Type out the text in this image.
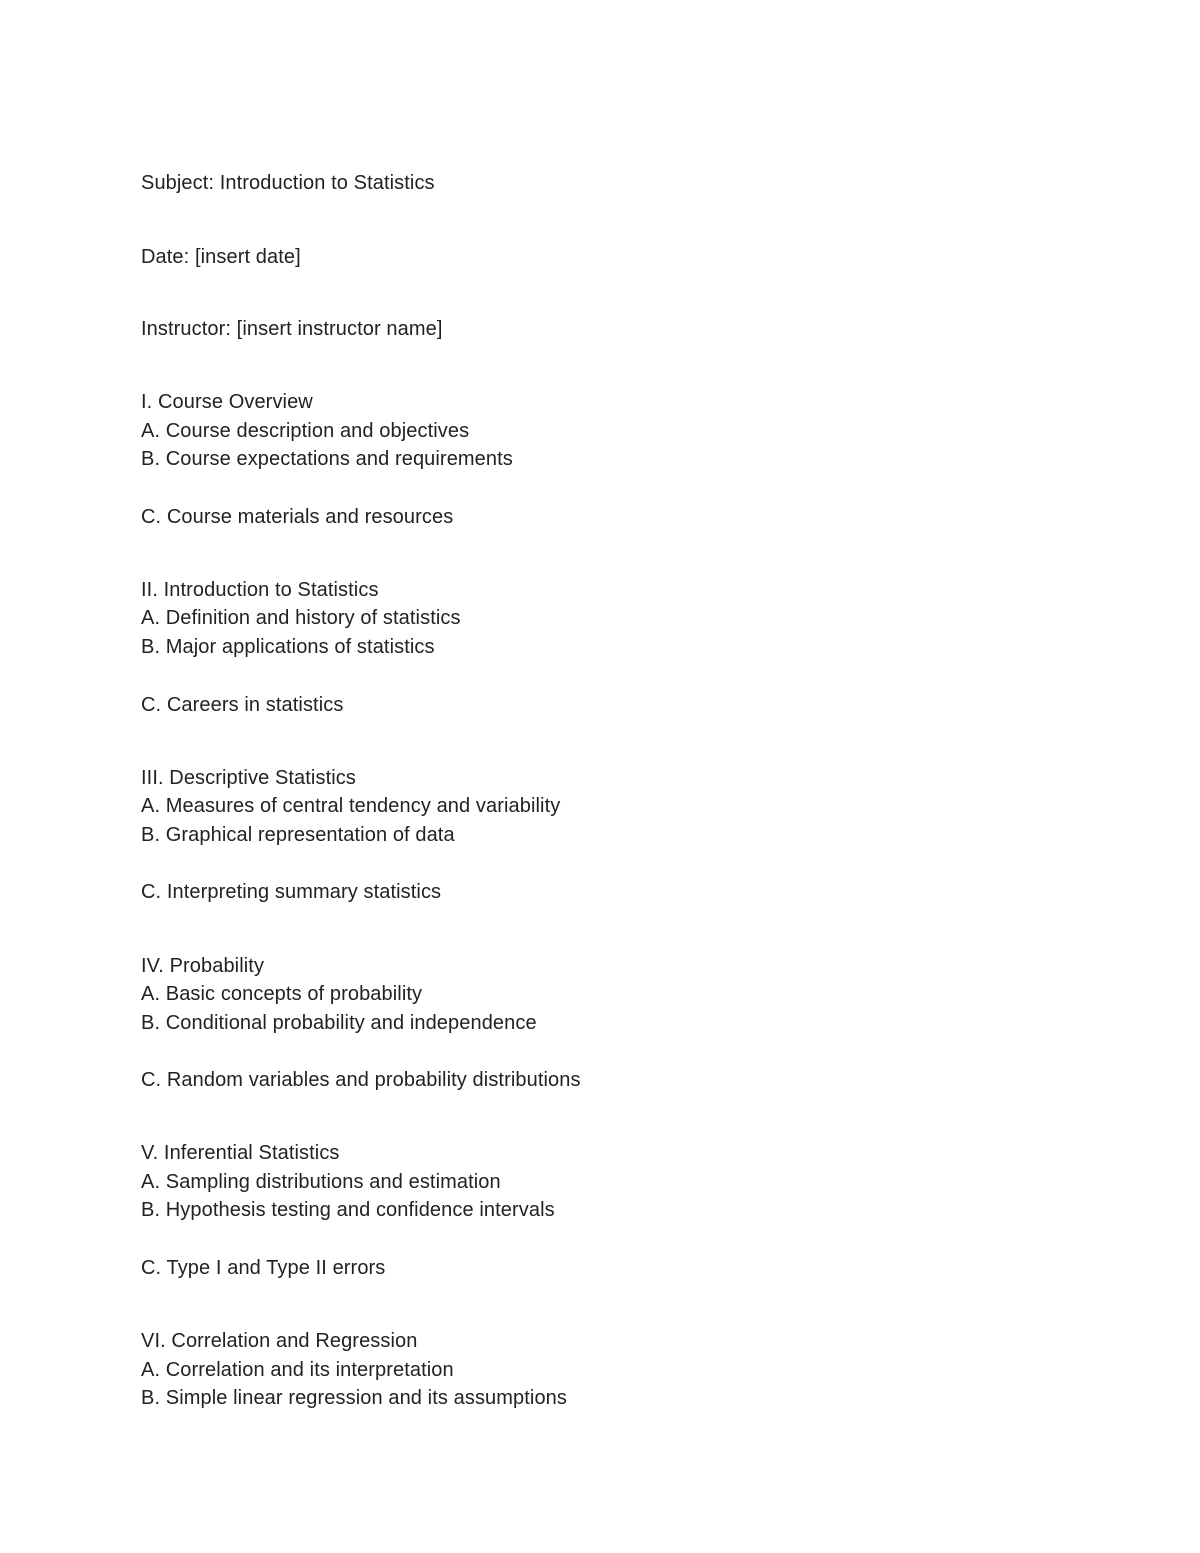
Subject: Introduction to Statistics
Date: [insert date]
Instructor: [insert instructor name]
I. Course Overview
A. Course description and objectives
B. Course expectations and requirements
C. Course materials and resources
II. Introduction to Statistics
A. Definition and history of statistics
B. Major applications of statistics
C. Careers in statistics
III. Descriptive Statistics
A. Measures of central tendency and variability
B. Graphical representation of data
C. Interpreting summary statistics
IV. Probability
A. Basic concepts of probability
B. Conditional probability and independence
C. Random variables and probability distributions
V. Inferential Statistics
A. Sampling distributions and estimation
B. Hypothesis testing and confidence intervals
C. Type I and Type II errors
VI. Correlation and Regression
A. Correlation and its interpretation
B. Simple linear regression and its assumptions
